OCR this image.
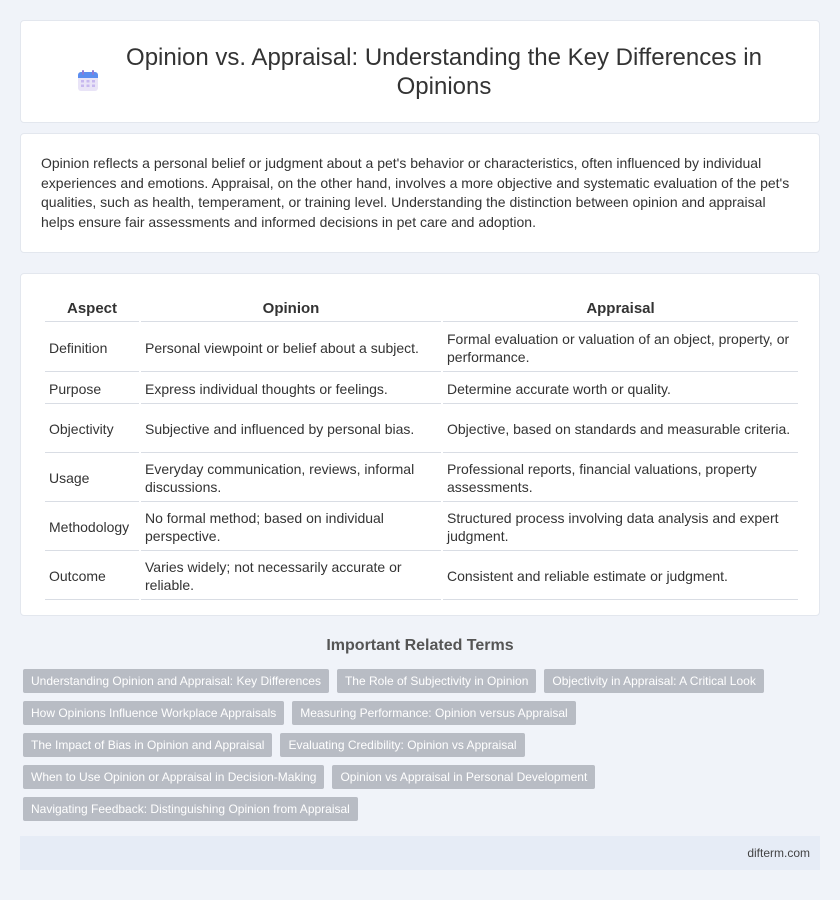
Opinion vs. Appraisal: Understanding the Key Differences in Opinions

Opinion reflects a personal belief or judgment about a pet's behavior or characteristics, often influenced by individual experiences and emotions. Appraisal, on the other hand, involves a more objective and systematic evaluation of the pet's qualities, such as health, temperament, or training level. Understanding the distinction between opinion and appraisal helps ensure fair assessments and informed decisions in pet care and adoption.

Aspect	Opinion	Appraisal
Definition	Personal viewpoint or belief about a subject.	Formal evaluation or valuation of an object, property, or performance.
Purpose	Express individual thoughts or feelings.	Determine accurate worth or quality.
Objectivity	Subjective and influenced by personal bias.	Objective, based on standards and measurable criteria.
Usage	Everyday communication, reviews, informal discussions.	Professional reports, financial valuations, property assessments.
Methodology	No formal method; based on individual perspective.	Structured process involving data analysis and expert judgment.
Outcome	Varies widely; not necessarily accurate or reliable.	Consistent and reliable estimate or judgment.
Important Related Terms
Understanding Opinion and Appraisal: Key Differences	The Role of Subjectivity in Opinion	Objectivity in Appraisal: A Critical Look
How Opinions Influence Workplace Appraisals	Measuring Performance: Opinion versus Appraisal
The Impact of Bias in Opinion and Appraisal	Evaluating Credibility: Opinion vs Appraisal
When to Use Opinion or Appraisal in Decision-Making	Opinion vs Appraisal in Personal Development
Navigating Feedback: Distinguishing Opinion from Appraisal
difterm.com
